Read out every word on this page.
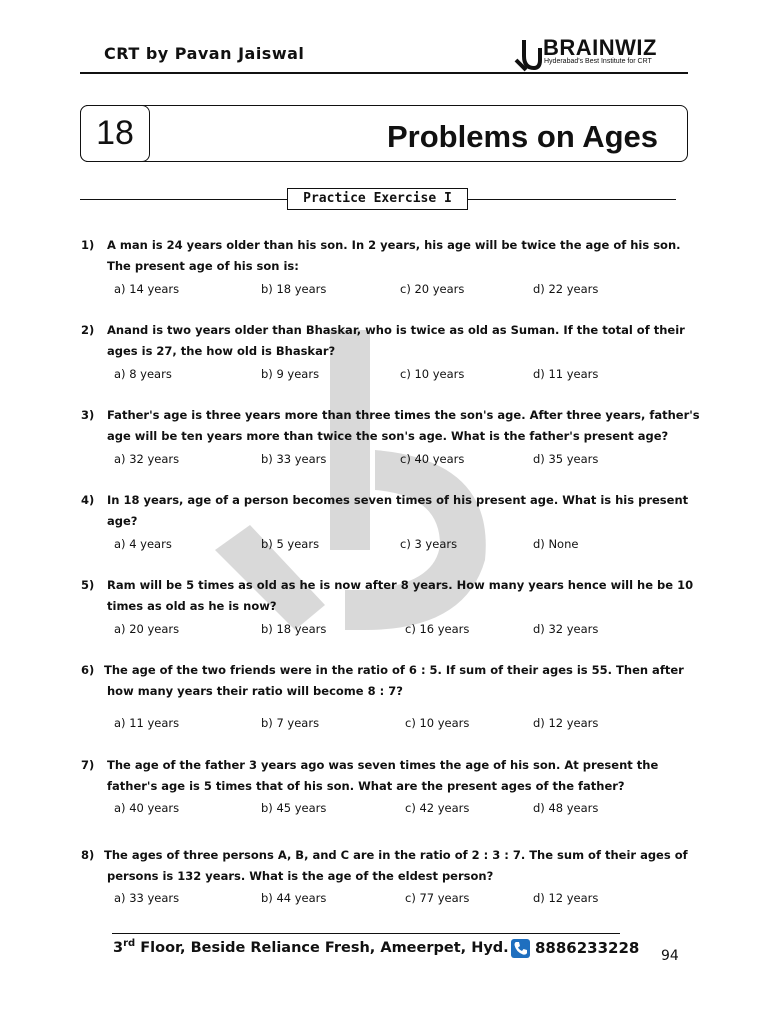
CRT by Pavan Jaiswal	BRAINWIZ
Hyderabad's Best Institute for CRT
18	Problems on Ages
Practice Exercise I
1) A man is 24 years older than his son. In 2 years, his age will be twice the age of his son.
The present age of his son is:
a) 14 years	b) 18 years	c) 20 years	d) 22 years
2) Anand is two years older than Bhaskar, who is twice as old as Suman. If the total of their
ages is 27, the how old is Bhaskar?
a) 8 years	b) 9 years	c) 10 years	d) 11 years
3) Father's age is three years more than three times the son's age. After three years, father's
age will be ten years more than twice the son's age. What is the father's present age?
a) 32 years	b) 33 years	c) 40 years	d) 35 years
4) In 18 years, age of a person becomes seven times of his present age. What is his present
age?
a) 4 years	b) 5 years	c) 3 years	d) None
5) Ram will be 5 times as old as he is now after 8 years. How many years hence will he be 10
times as old as he is now?
a) 20 years	b) 18 years	c) 16 years	d) 32 years
6) The age of the two friends were in the ratio of 6 : 5. If sum of their ages is 55. Then after
how many years their ratio will become 8 : 7?
a) 11 years	b) 7 years	c) 10 years	d) 12 years
7) The age of the father 3 years ago was seven times the age of his son. At present the
father's age is 5 times that of his son. What are the present ages of the father?
a) 40 years	b) 45 years	c) 42 years	d) 48 years
8) The ages of three persons A, B, and C are in the ratio of 2 : 3 : 7. The sum of their ages of
persons is 132 years. What is the age of the eldest person?
a) 33 years	b) 44 years	c) 77 years	d) 12 years
3rd Floor, Beside Reliance Fresh, Ameerpet, Hyd. 8886233228 94
